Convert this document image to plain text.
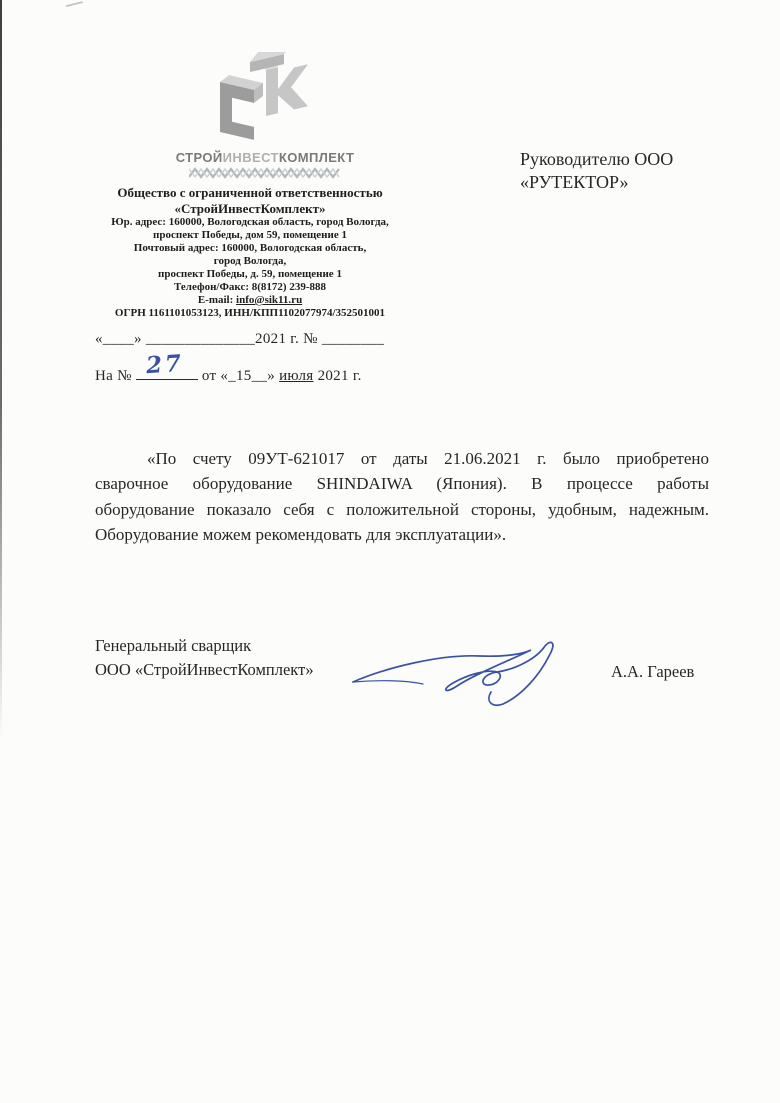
СТРОЙИНВЕСТКОМПЛЕКТ	Руководителю ООО
«РУТЕКТОР»
Общество с ограниченной ответственностью
«СтройИнвестКомплект»
Юр. адрес: 160000, Вологодская область, город Вологда,
проспект Победы, дом 59, помещение 1
Почтовый адрес: 160000, Вологодская область,
город Вологда,
проспект Победы, д. 59, помещение 1
Телефон/Факс: 8(8172) 239-888
E-mail: info@sik11.ru
ОГРН 1161101053123, ИНН/КПП1102077974/352501001
«____» ______________2021 г. № ________
На № 27 от «_15__» июля 2021 г.
«По счету 09УТ-621017 от даты 21.06.2021 г. было приобретено
сварочное оборудование SHINDAIWA (Япония). В процессе работы
оборудование показало себя с положительной стороны, удобным, надежным.
Оборудование можем рекомендовать для эксплуатации».
Генеральный сварщик
ООО «СтройИнвестКомплект»	А.А. Гареев
